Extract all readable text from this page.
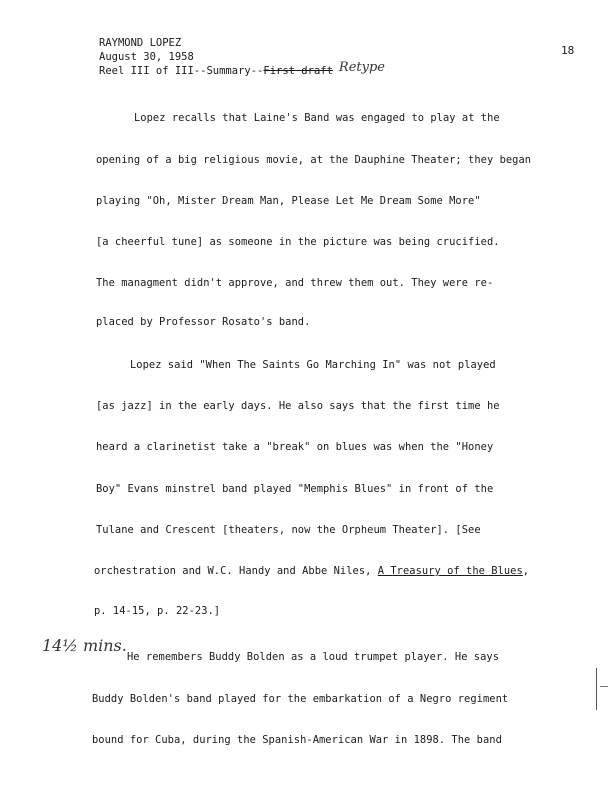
RAYMOND LOPEZ
August 30, 1958
Reel III of III--Summary--First draft Retype
18
Lopez recalls that Laine's Band was engaged to play at the
opening of a big religious movie, at the Dauphine Theater; they began
playing "Oh, Mister Dream Man, Please Let Me Dream Some More"
[a cheerful tune] as someone in the picture was being crucified.
The managment didn't approve, and threw them out. They were re-
placed by Professor Rosato's band.
Lopez said "When The Saints Go Marching In" was not played
[as jazz] in the early days. He also says that the first time he
heard a clarinetist take a "break" on blues was when the "Honey
Boy" Evans minstrel band played "Memphis Blues" in front of the
Tulane and Crescent [theaters, now the Orpheum Theater]. [See
orchestration and W.C. Handy and Abbe Niles, A Treasury of the Blues,
p. 14-15, p. 22-23.]
14½ mins.
He remembers Buddy Bolden as a loud trumpet player. He says
Buddy Bolden's band played for the embarkation of a Negro regiment
bound for Cuba, during the Spanish-American War in 1898. The band
